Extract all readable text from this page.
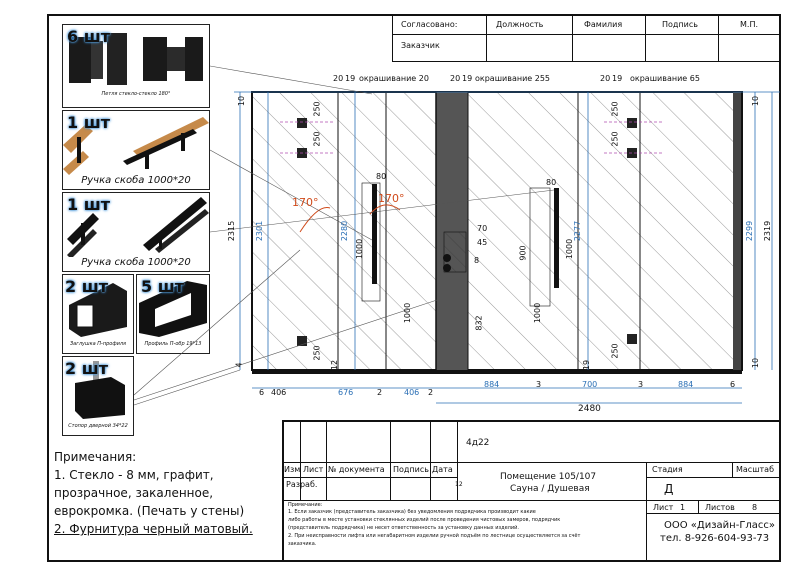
Согласовано:
Заказчик
Должность	Фамилия	Подпись	М.П.
6 шт
Петля стекло-стекло 180°
1 шт
Ручка скоба 1000*20
1 шт
Ручка скоба 1000*20
2 шт
Заглушка П-профиля
5 шт
Профиль П-обр 19*13
2 шт
Стопор дверной 34*22
Примечания:
1. Стекло - 8 мм, графит,
прозрачное, закаленное,
еврокромка. (Печать у стены)
2. Фурнитура черный матовый.
окрашивание 20	окрашивание 255	окрашивание 65
20 19	20 19	20 19
170°	170°
2315 2301	2280	2277	2299 2319
10
4
10
10
250
250
250
250
250
250
80
1000
1000
80
900	1000
1000
832
70
45
8
12	19
6 406	676	2	406 2
884	3	700	3	884	6
2480
4д22
Изм Лист № документа Подпись Дата
Разраб.	12
Помещение 105/107
Сауна / Душевая
Стадия	Масштаб
Д
Лист 1 Листов 8
ООО «Дизайн-Гласс»
тел. 8-926-604-93-73
Примечание:
1. Если заказчик (представитель заказчика) без уведомления подрядчика производит какие
либо работы в месте установки стеклянных изделий после проведения чистовых замеров, подрядчик
(представитель подрядчика) не несет ответственность за установку данных изделий.
2. При неисправности лифта или негабаритном изделии ручной подъём по лестнице осуществляется за счёт
заказчика.
